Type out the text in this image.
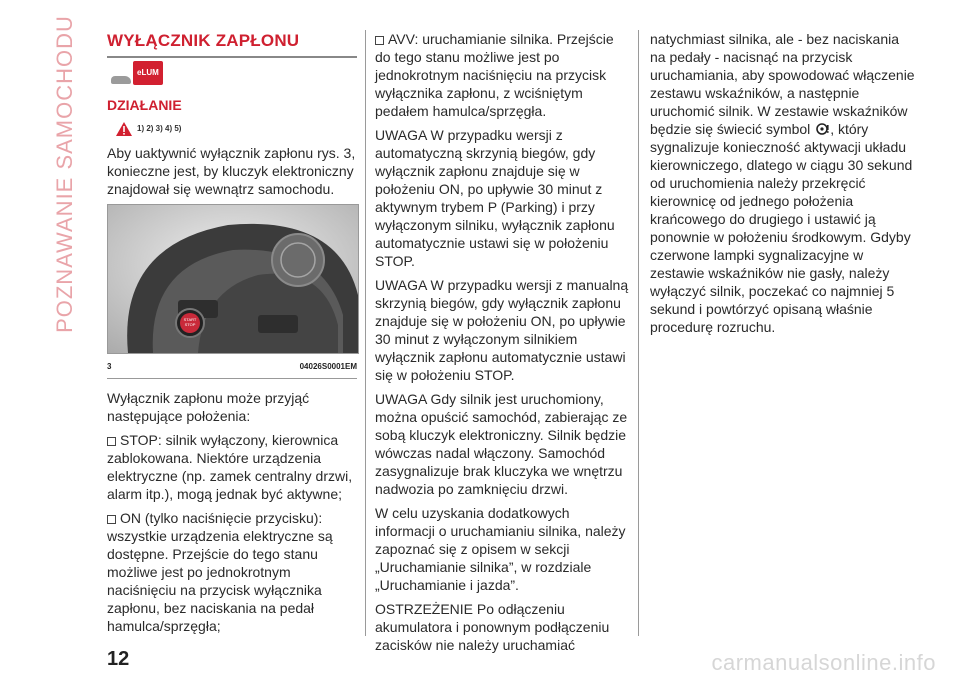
POZNAWANIE SAMOCHODU WYŁĄCZNIK ZAPŁONU
eLUM
DZIAŁANIE
1) 2) 3) 4) 5)

Aby uaktywnić wyłącznik zapłonu rys. 3, konieczne jest, by kluczyk elektroniczny znajdował się wewnątrz samochodu.

START
STOP
3	04026S0001EM

Wyłącznik zapłonu może przyjąć następujące położenia:

STOP: silnik wyłączony, kierownica zablokowana. Niektóre urządzenia elektryczne (np. zamek centralny drzwi, alarm itp.), mogą jednak być aktywne;

ON (tylko naciśnięcie przycisku): wszystkie urządzenia elektryczne są dostępne. Przejście do tego stanu możliwe jest po jednokrotnym naciśnięciu na przycisk wyłącznika zapłonu, bez naciskania na pedał hamulca/sprzęgła;

AVV: uruchamianie silnika. Przejście do tego stanu możliwe jest po jednokrotnym naciśnięciu na przycisk wyłącznika zapłonu, z wciśniętym pedałem hamulca/sprzęgła.

UWAGA W przypadku wersji z automatyczną skrzynią biegów, gdy wyłącznik zapłonu znajduje się w położeniu ON, po upływie 30 minut z aktywnym trybem P (Parking) i przy wyłączonym silniku, wyłącznik zapłonu automatycznie ustawi się w położeniu STOP.

UWAGA W przypadku wersji z manualną skrzynią biegów, gdy wyłącznik zapłonu znajduje się w położeniu ON, po upływie 30 minut z wyłączonym silnikiem wyłącznik zapłonu automatycznie ustawi się w położeniu STOP.

UWAGA Gdy silnik jest uruchomiony, można opuścić samochód, zabierając ze sobą kluczyk elektroniczny. Silnik będzie wówczas nadal włączony. Samochód zasygnalizuje brak kluczyka we wnętrzu nadwozia po zamknięciu drzwi.

W celu uzyskania dodatkowych informacji o uruchamianiu silnika, należy zapoznać się z opisem w sekcji „Uruchamianie silnika”, w rozdziale „Uruchamianie i jazda”.

OSTRZEŻENIE Po odłączeniu akumulatora i ponownym podłączeniu zacisków nie należy uruchamiać

natychmiast silnika, ale - bez naciskania na pedały - nacisnąć na przycisk uruchamiania, aby spowodować włączenie zestawu wskaźników, a następnie uruchomić silnik. W zestawie wskaźników będzie się świecić symbol , który sygnalizuje konieczność aktywacji układu kierowniczego, dlatego w ciągu 30 sekund od uruchomienia należy przekręcić kierownicę od jednego położenia krańcowego do drugiego i ustawić ją ponownie w położeniu środkowym. Gdyby czerwone lampki sygnalizacyjne w zestawie wskaźników nie gasły, należy wyłączyć silnik, poczekać co najmniej 5 sekund i powtórzyć opisaną właśnie procedurę rozruchu.

12	carmanualsonline.info
